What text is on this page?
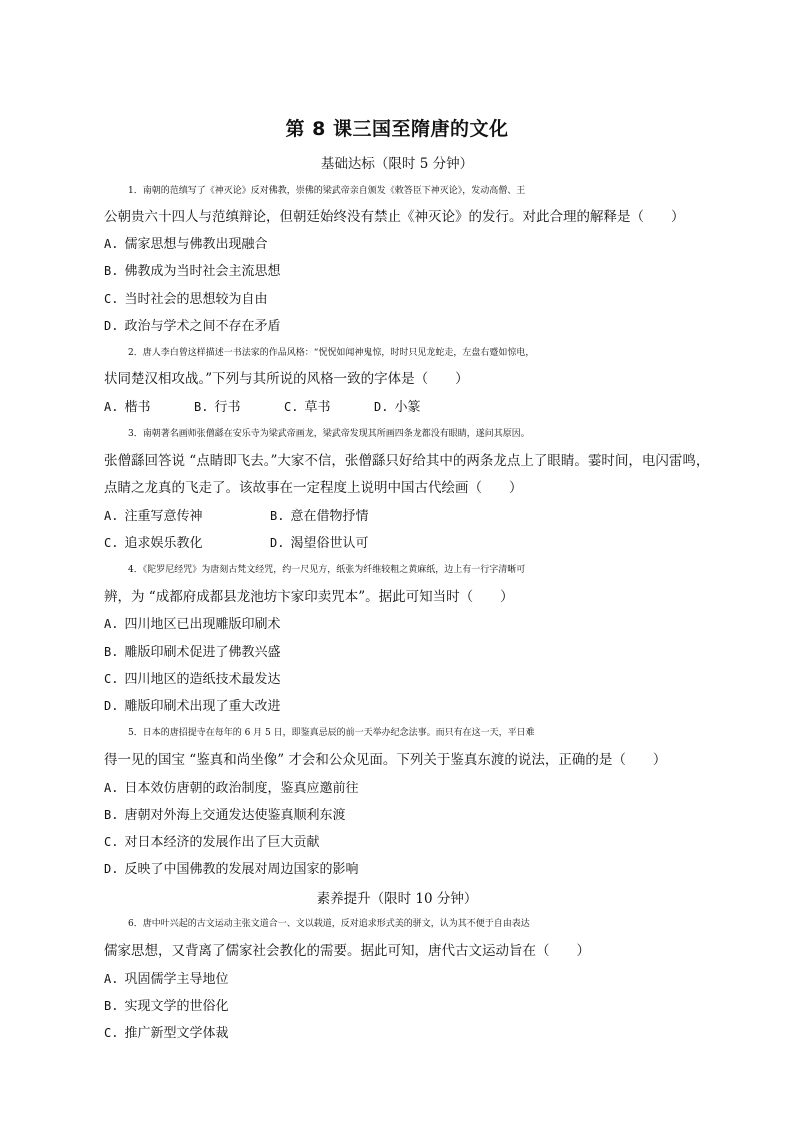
第 8 课三国至隋唐的文化
基础达标（限时 5 分钟）
1．南朝的范缜写了《神灭论》反对佛教，崇佛的梁武帝亲自颁发《敕答臣下神灭论》，发动高僧、王
公朝贵六十四人与范缜辩论，但朝廷始终没有禁止《神灭论》的发行。对此合理的解释是（　　）
A. 儒家思想与佛教出现融合
B. 佛教成为当时社会主流思想
C. 当时社会的思想较为自由
D. 政治与学术之间不存在矛盾
2．唐人李白曾这样描述一书法家的作品风格：“怳怳如闻神鬼惊，时时只见龙蛇走，左盘右蹙如惊电，
状同楚汉相攻战。”下列与其所说的风格一致的字体是（　　）
A. 楷书	B. 行书	C. 草书	D. 小篆
3．南朝著名画师张僧繇在安乐寺为梁武帝画龙，梁武帝发现其所画四条龙都没有眼睛，遂问其原因。
张僧繇回答说 “点睛即飞去。”大家不信，张僧繇只好给其中的两条龙点上了眼睛。霎时间，电闪雷鸣，
点睛之龙真的飞走了。该故事在一定程度上说明中国古代绘画（　　）
A. 注重写意传神	B. 意在借物抒情
C. 追求娱乐教化	D. 渴望俗世认可
4．《陀罗尼经咒》为唐刻古梵文经咒，约一尺见方，纸张为纤维较粗之黄麻纸，边上有一行字清晰可
辨，为 “成都府成都县龙池坊卞家印卖咒本”。据此可知当时（　　）
A. 四川地区已出现雕版印刷术
B. 雕版印刷术促进了佛教兴盛
C. 四川地区的造纸技术最发达
D. 雕版印刷术出现了重大改进
5．日本的唐招提寺在每年的 6 月 5 日，即鉴真忌辰的前一天举办纪念法事。而只有在这一天，平日难
得一见的国宝 “鉴真和尚坐像” 才会和公众见面。下列关于鉴真东渡的说法，正确的是（　　）
A. 日本效仿唐朝的政治制度，鉴真应邀前往
B. 唐朝对外海上交通发达使鉴真顺利东渡
C. 对日本经济的发展作出了巨大贡献
D. 反映了中国佛教的发展对周边国家的影响
素养提升（限时 10 分钟）
6．唐中叶兴起的古文运动主张文道合一、文以载道，反对追求形式美的骈文，认为其不便于自由表达
儒家思想，又背离了儒家社会教化的需要。据此可知，唐代古文运动旨在（　　）
A. 巩固儒学主导地位
B. 实现文学的世俗化
C. 推广新型文学体裁
